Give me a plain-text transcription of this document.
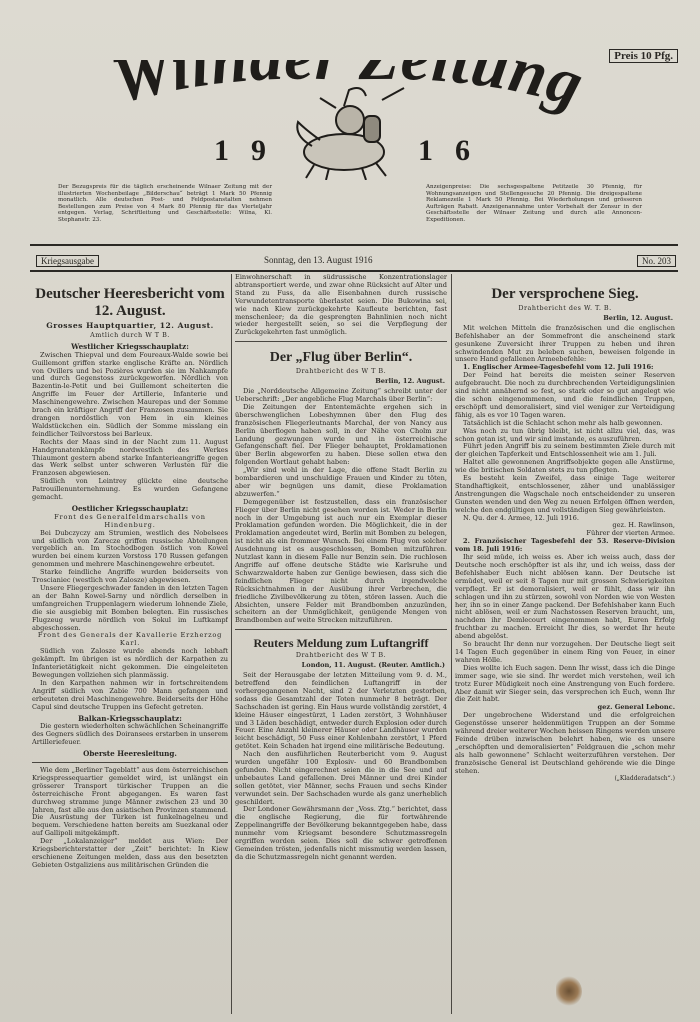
Preis 10 Pfg.
Wiln tung
19	16
Der Bezugspreis für die täglich erscheinende Wilnaer Zeitung mit der illustrierten Wochenbeilage „Bilderschau“ beträgt 1 Mark 50 Pfennig monatlich. Alle deutschen Post- und Feldpostanstalten nehmen Bestellungen zum Preise von 4 Mark 80 Pfennig für das Vierteljahr entgegen. Verlag, Schriftleitung und Geschäftsstelle: Wilna, Kl. Stephanstr. 23.
Anzeigenpreise: Die sechsgespaltene Petitzeile 30 Pfennig, für Wohnungsanzeigen und Stellengesuche 20 Pfennig. Die dreigespaltene Reklamezeile 1 Mark 50 Pfennig. Bei Wiederholungen und grösseren Aufträgen Rabatt. Anzeigenannahme unter Vorbehalt der Zensur in der Geschäftsstelle der Wilnaer Zeitung und durch alle Annoncen-Expeditionen.
Kriegsausgabe	Sonntag, den 13. August 1916	No. 203
Deutscher Heeresbericht vom 12. August.
Grosses Hauptquartier, 12. August.
Amtlich durch W T B.
Westlicher Kriegsschauplatz:

Zwischen Thiepval und dem Foureaux-Walde sowie bei Guillemont griffen starke englische Kräfte an. Nördlich von Ovillers und bei Pozières wurden sie im Nahkampfe und durch Gegenstoss zurückgeworfen. Nördlich von Bazentin-le-Petit und bei Guillemont scheiterten die Angriffe im Feuer der Artillerie, Infanterie und Maschinengewehre. Zwischen Maurepas und der Somme brach ein kräftiger Angriff der Franzosen zusammen. Sie drangen nordöstlich von Hem in ein kleines Waldstückchen ein. Südlich der Somme misslang ein feindlicher Teilvorstoss bei Barleux.

Rechts der Maas sind in der Nacht zum 11. August Handgranatenkämpfe nordwestlich des Werkes Thiaumont gestern abend starke Infanterieangriffe gegen das Werk selbst unter schweren Verlusten für die Franzosen abgewiesen.

Südlich von Leintrey glückte eine deutsche Patrouillenunternehmung. Es wurden Gefangene gemacht.

Oestlicher Kriegsschauplatz:
Front des Generalfeldmarschalls von Hindenburg.

Bei Dubczyczy am Strumien, westlich des Nobelsees und südlich von Zarecze griffen russische Abteilungen vergeblich an. Im Stochodbogen östlich von Kowel wurden bei einem kurzen Vorstoss 170 Russen gefangen genommen und mehrere Maschinengewehre erbeutet.

Starke feindliche Angriffe wurden beiderseits von Troscianiec (westlich von Zalosze) abgewiesen.

Unsere Fliegergeschwader fanden in den letzten Tagen an der Bahn Kowel-Sarny und nördlich derselben in umfangreichen Truppenlagern wiederum lohnende Ziele, die sie ausgiebig mit Bomben belegten. Ein russisches Flugzeug wurde nördlich von Sokul im Luftkampf abgeschossen.

Front des Generals der Kavallerie Erzherzog Karl.

Südlich von Zalosze wurde abends noch lebhaft gekämpft. Im übrigen ist es nördlich der Karpathen zu Infanterietätigkeit nicht gekommen. Die eingeleiteten Bewegungen vollziehen sich planmässig.

In den Karpathen nahmen wir in fortschreitendem Angriff südlich von Zabie 700 Mann gefangen und erbeuteten drei Maschinengewehre. Beiderseits der Höhe Capul sind deutsche Truppen ins Gefecht getreten.

Balkan-Kriegsschauplatz:

Die gestern wiederholten schwächlichen Scheinangriffe des Gegners südlich des Doiransees erstarben in unserem Artilleriefeuer.

Oberste Heeresleitung.

Wie dem „Berliner Tageblatt“ aus dem österreichischen Kriegspressequartier gemeldet wird, ist unlängst ein grösserer Transport türkischer Truppen an die österreichische Front abgegangen. Es waren fast durchweg stramme junge Männer zwischen 23 und 30 Jahren, fast alle aus den asiatischen Provinzen stammend. Die Ausrüstung der Türken ist funkelnagelneu und bequem. Verschiedene hatten bereits am Suezkanal oder auf Gallipoli mitgekämpft.

Der „Lokalanzeiger“ meldet aus Wien: Der Kriegsberichterstatter der „Zeit“ berichtet: In Kiew erschienene Zeitungen melden, dass aus den besetzten Gebieten Ostgaliziens aus militärischen Gründen die

Einwohnerschaft in südrussische Konzentrationslager abtransportiert werde, und zwar ohne Rücksicht auf Alter und Stand zu Fuss, da alle Eisenbahnen durch russische Verwundetentransporte überlastet seien. Die Bukowina sei, wie nach Kiew zurückgekehrte Kaufleute berichten, fast menschenleer; da die gesprengten Bahnlinien noch nicht wieder hergestellt seien, so sei die Verpflegung der Zurückgekehrten fast unmöglich.

Der „Flug über Berlin“.
Drahtbericht des W T B.
Berlin, 12. August.

Die „Norddeutsche Allgemeine Zeitung“ schreibt unter der Ueberschrift: „Der angebliche Flug Marchals über Berlin“:

Die Zeitungen der Ententemächte ergehen sich in überschwenglichen Lobeshymnen über den Flug des französischen Fliegerleutnants Marchal, der von Nancy aus Berlin überflogen haben soll, in der Nähe von Cholm zur Landung gezwungen wurde und in österreichische Gefangenschaft fiel. Der Flieger behauptet, Proklamationen über Berlin abgeworfen zu haben. Diese sollen etwa den folgenden Wortlaut gehabt haben:

„Wir sind wohl in der Lage, die offene Stadt Berlin zu bombardieren und unschuldige Frauen und Kinder zu töten, aber wir begnügen uns damit, diese Proklamation abzuwerfen.“

Demgegenüber ist festzustellen, dass ein französischer Flieger über Berlin nicht gesehen worden ist. Weder in Berlin noch in der Umgebung ist auch nur ein Exemplar dieser Proklamation gefunden worden. Die Möglichkeit, die in der Proklamation angedeutet wird, Berlin mit Bomben zu belegen, ist nicht als ein frommer Wunsch. Bei einem Flug von solcher Ausdehnung ist es ausgeschlossen, Bomben mitzuführen. Nutzlast kann in diesem Falle nur Benzin sein. Die ruchlosen Angriffe auf offene deutsche Städte wie Karlsruhe und Schwarzwaldorte haben zur Genüge bewiesen, dass sich die feindlichen Flieger nicht durch irgendwelche Rücksichtnahmen in der Ausübung ihrer Verbrechen, die friedliche Zivilbevölkerung zu töten, stören lassen. Auch die Absichten, unsere Felder mit Brandbomben anzuzünden, scheitern an der Unmöglichkeit, genügende Mengen von Brandbomben auf weite Strecken mitzuführen.

Reuters Meldung zum Luftangriff
Drahtbericht des W T B.
London, 11. August. (Reuter. Amtlich.)

Seit der Herausgabe der letzten Mitteilung vom 9. d. M., betreffend den feindlichen Luftangriff in der vorhergegangenen Nacht, sind 2 der Verletzten gestorben, sodass die Gesamtzahl der Toten nunmehr 8 beträgt. Der Sachschaden ist gering. Ein Haus wurde vollständig zerstört, 4 kleine Häuser eingestürzt, 1 Laden zerstört, 3 Wohnhäuser und 3 Läden beschädigt, entweder durch Explosion oder durch Feuer. Eine Anzahl kleinerer Häuser oder Landhäuser wurden leicht beschädigt, 50 Fuss einer Kohlenbahn zerstört, 1 Pferd getötet. Kein Schaden hat irgend eine militärische Bedeutung.

Nach den ausführlichen Reuterbericht vom 9. August wurden ungefähr 100 Explosiv- und 60 Brandbomben gefunden. Nicht eingerechnet seien die in die See und auf unbebautes Land gefallenen. Drei Männer und drei Kinder sollen getötet, vier Männer, sechs Frauen und sechs Kinder verwundet sein. Der Sachschaden wurde als ganz unerheblich geschildert.

Der Londoner Gewährsmann der „Voss. Ztg.“ berichtet, dass die englische Regierung, die für fortwährende Zeppelinangriffe der Bevölkerung bekanntgegeben habe, dass nunmehr vom Kriegsamt besondere Schutzmassregeln ergriffen worden seien. Dies soll die schwer getroffenen Gemeinden trösten, jedenfalls nicht missmutig werden lassen, da die Schutzmassregeln nicht genannt werden.

Der versprochene Sieg.
Drahtbericht des W. T. B.
Berlin, 12. August.

Mit welchen Mitteln die französischen und die englischen Befehlshaber an der Sommefront die anscheinend stark gesunkene Zuversicht ihrer Truppen zu heben und ihren schwindenden Mut zu beleben suchen, beweisen folgende in unsere Hand gefallenen Armeebefehle:

1. Englischer Armee-Tagesbefehl vom 12. Juli 1916:

Der Feind hat bereits die meisten seiner Reserven aufgebraucht. Die noch zu durchbrechenden Verteidigungslinien sind nicht annähernd so fest, so stark oder so gut angelegt wie die schon eingenommenen, und die feindlichen Truppen, erschöpft und demoralisiert, sind viel weniger zur Verteidigung fähig, als es vor 10 Tagen waren.

Tatsächlich ist die Schlacht schon mehr als halb gewonnen.

Was noch zu tun übrig bleibt, ist nicht allzu viel, das, was schon getan ist, und wir sind imstande, es auszuführen.

Führt jeden Angriff bis zu seinem bestimmten Ziele durch mit der gleichen Tapferkeit und Entschlossenheit wie am 1. Juli.

Haltet alle gewonnenen Angriffsobjekte gegen alle Anstürme, wie die britischen Soldaten stets zu tun pflegten.

Es besteht kein Zweifel, dass einige Tage weiterer Standhaftigkeit, entschlossener, zäher und unablässiger Anstrengungen die Wagschale noch entscheidender zu unseren Gunsten wenden und den Weg zu neuen Erfolgen öffnen werden, welche den endgültigen und vollständigen Sieg gewährleisten.

N. Qu. der 4. Armee, 12. Juli 1916.

gez. H. Rawlinson,
Führer der vierten Armee.

2. Französischer Tagesbefehl der 53. Reserve-Division vom 18. Juli 1916:

Ihr seid müde, ich weiss es. Aber ich weiss auch, dass der Deutsche noch erschöpfter ist als ihr, und ich weiss, dass der Befehlshaber Euch nicht ablösen kann. Der Deutsche ist ermüdet, weil er seit 8 Tagen nur mit grossen Schwierigkeiten verpflegt. Er ist demoralisiert, weil er fühlt, dass wir ihn schlagen und ihn zu stürzen, sowohl von Norden wie von Westen her, ihn so in einer Zange packend. Der Befehlshaber kann Euch nicht ablösen, weil er zum Nachstossen Reserven braucht, um, nachdem ihr Demlecourt eingenommen habt, Euren Erfolg fruchtbar zu machen. Erreicht Ihr dies, so werdet Ihr heute abend abgelöst.

So braucht Ihr denn nur vorzugehen. Der Deutsche liegt seit 14 Tagen Euch gegenüber in einem Ring von Feuer, in einer wahren Hölle.

Dies wollte ich Euch sagen. Denn Ihr wisst, dass ich die Dinge immer sage, wie sie sind. Ihr werdet mich verstehen, weil ich trotz Eurer Müdigkeit noch eine Anstrengung von Euch fordere. Aber damit wir Sieger sein, das versprechen ich Euch, wenn Ihr die Zeit habt.

gez. General Lebonc.

Der ungebrochene Widerstand und die erfolgreichen Gegenstösse unserer heldenmütigen Truppen an der Somme während dreier weiterer Wochen heissen Ringens werden unsere Feinde drüben inzwischen belehrt haben, wie es unsere „erschöpften und demoralisierten“ Feldgrauen die „schon mehr als halb gewonnene“ Schlacht weiterzuführen verstehen. Der französische General ist Deutschland gehörende wie die Dinge stehen.

(„Kladderadatsch“.)
